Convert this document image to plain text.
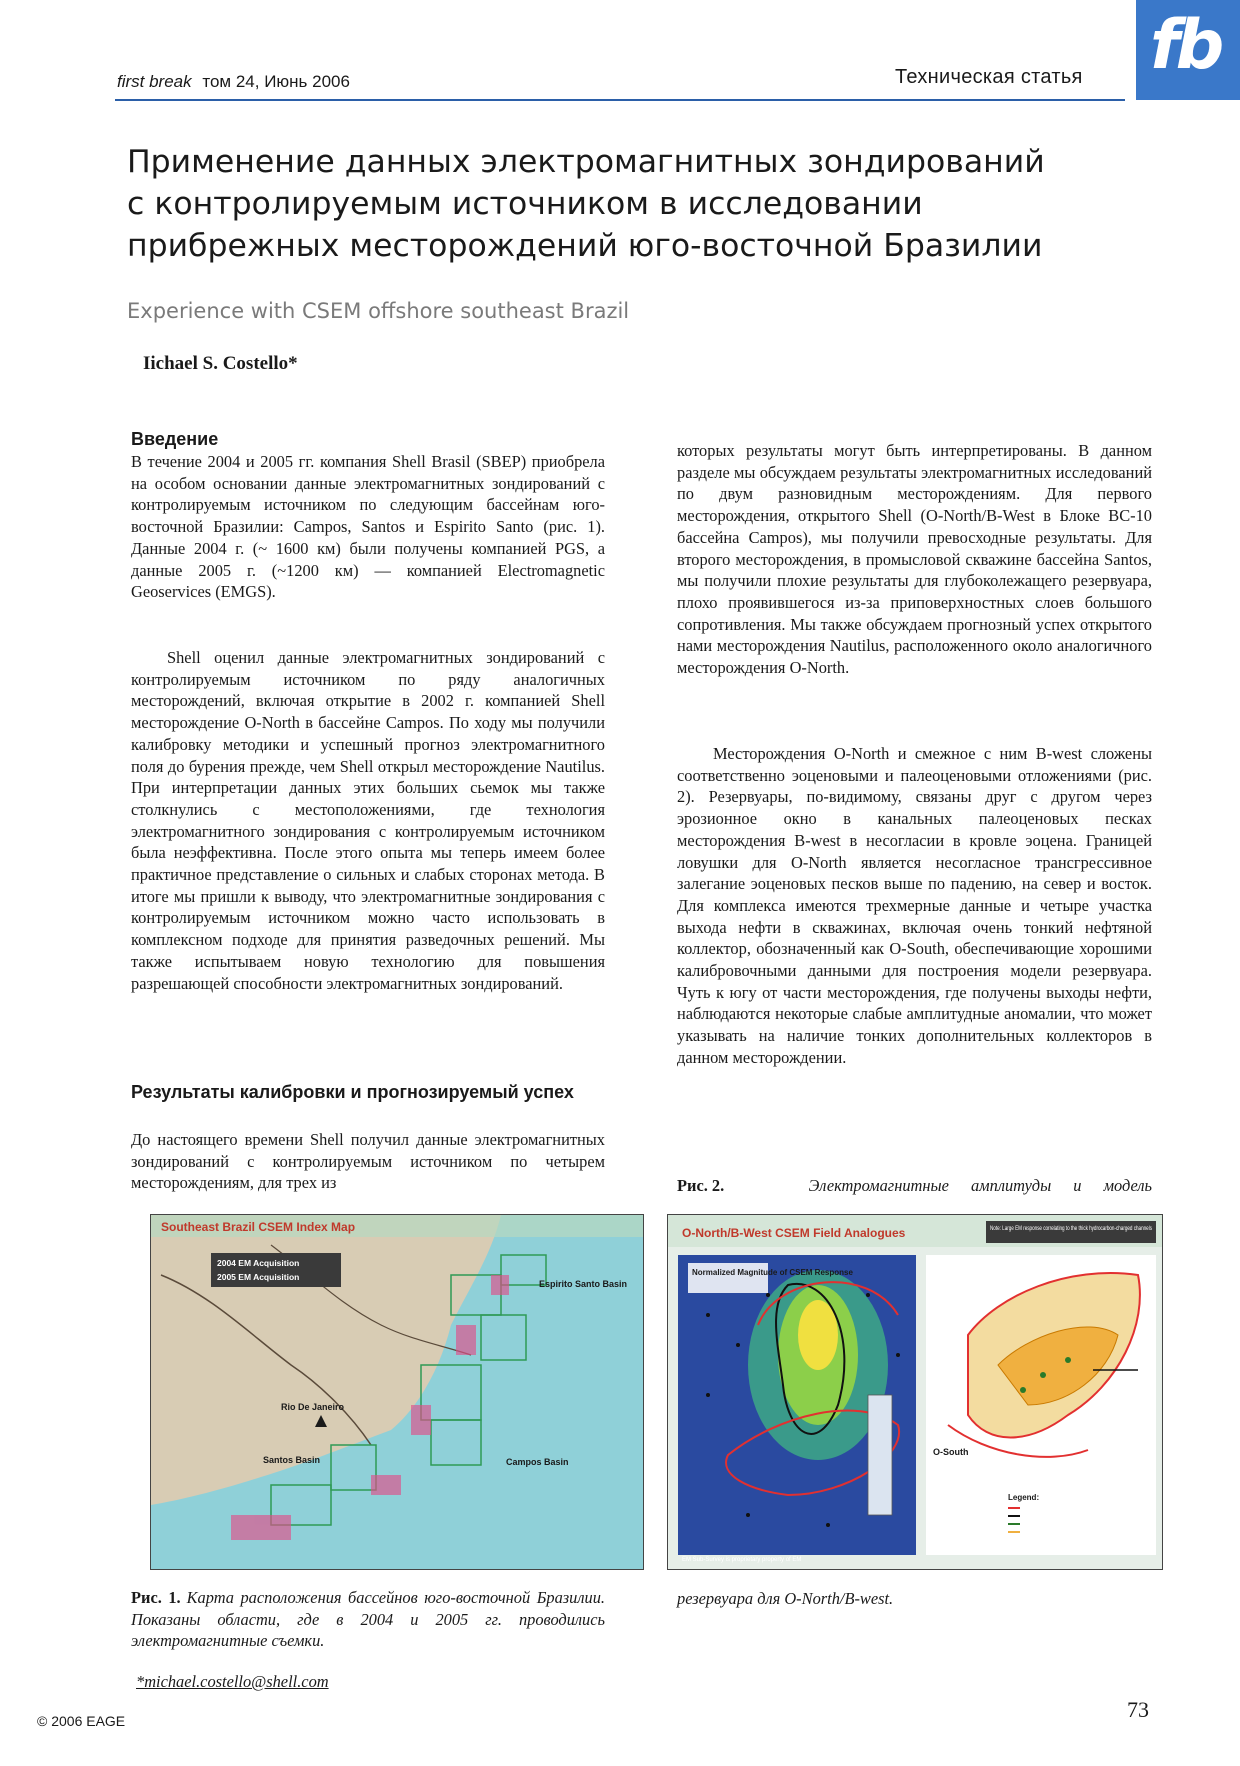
first break том 24, Июнь 2006	Техническая статья fb
Применение данных электромагнитных зондирований
с контролируемым источником в исследовании
прибрежных месторождений юго-восточной Бразилии
Experience with CSEM offshore southeast Brazil
Iichael S. Costello*
Введение
В течение 2004 и 2005 гг. компания Shell Brasil (SBEP) приобрела на особом основании данные электромагнитных зондирований с контролируемым источником по следующим бассейнам юго-восточной Бразилии: Campos, Santos и Espirito Santo (рис. 1). Данные 2004 г. (~ 1600 км) были получены компанией PGS, а данные 2005 г. (~1200 км) — компанией Electromagnetic Geoservices (EMGS).
Shell оценил данные электромагнитных зондирований с контролируемым источником по ряду аналогичных месторождений, включая открытие в 2002 г. компанией Shell месторождение O-North в бассейне Campos. По ходу мы получили калибровку методики и успешный прогноз электромагнитного поля до бурения прежде, чем Shell открыл месторождение Nautilus. При интерпретации данных этих больших сьемок мы также столкнулись с местоположениями, где технология электромагнитного зондирования с контролируемым источником была неэффективна. После этого опыта мы теперь имеем более практичное представление о сильных и слабых сторонах метода. В итоге мы пришли к выводу, что электромагнитные зондирования с контролируемым источником можно часто использовать в комплексном подходе для принятия разведочных решений. Мы также испытываем новую технологию для повышения разрешающей способности электромагнитных зондирований.
Результаты калибровки и прогнозируемый успех
До настоящего времени Shell получил данные электромагнитных зондирований с контролируемым источником по четырем месторождениям, для трех из
которых результаты могут быть интерпретированы. В данном разделе мы обсуждаем результаты электромагнитных исследований по двум разновидным месторождениям. Для первого месторождения, открытого Shell (O-North/B-West в Блоке BC-10 бассейна Campos), мы получили превосходные результаты. Для второго месторождения, в промысловой скважине бассейна Santos, мы получили плохие результаты для глубоколежащего резервуара, плохо проявившегося из-за приповерхностных слоев большого сопротивления. Мы также обсуждаем прогнозный успех открытого нами месторождения Nautilus, расположенного около аналогичного месторождения O-North.
Месторождения O-North и смежное с ним B-west сложены соответственно эоценовыми и палеоценовыми отложениями (рис. 2). Резервуары, по-видимому, связаны друг с другом через эрозионное окно в канальных палеоценовых песках месторождения B-west в несогласии в кровле эоцена. Границей ловушки для O-North является несогласное трансгрессивное залегание эоценовых песков выше по падению, на север и восток. Для комплекса имеются трехмерные данные и четыре участка выхода нефти в скважинах, включая очень тонкий нефтяной коллектор, обозначенный как O-South, обеспечивающие хорошими калибровочными данными для построения модели резервуара. Чуть к югу от части месторождения, где получены выходы нефти, наблюдаются некоторые слабые амплитудные аномалии, что может указывать на наличие тонких дополнительных коллекторов в данном месторождении.
Southeast Brazil CSEM Index Map
2004 EM Acquisition
2005 EM Acquisition
Espirito Santo Basin
Rio De Janeiro
Santos Basin	Campos Basin
Рис. 1. Карта расположения бассейнов юго-восточной Бразилии. Показаны области, где в 2004 и 2005 гг. проводились электромагнитные съемки.
Рис. 2.	Электромагнитные амплитуды и модель
Normalized Magnitude of CSEM Response
O-North/B-West CSEM Field Analogues	Note: Large EM response correlating to the thick hydrocarbon-charged channels
O-South
Legend:
EM Sub-Survey is proprietary property of EM
резервуара для O-North/B-west.
*michael.costello@shell.com
© 2006 EAGE	73
